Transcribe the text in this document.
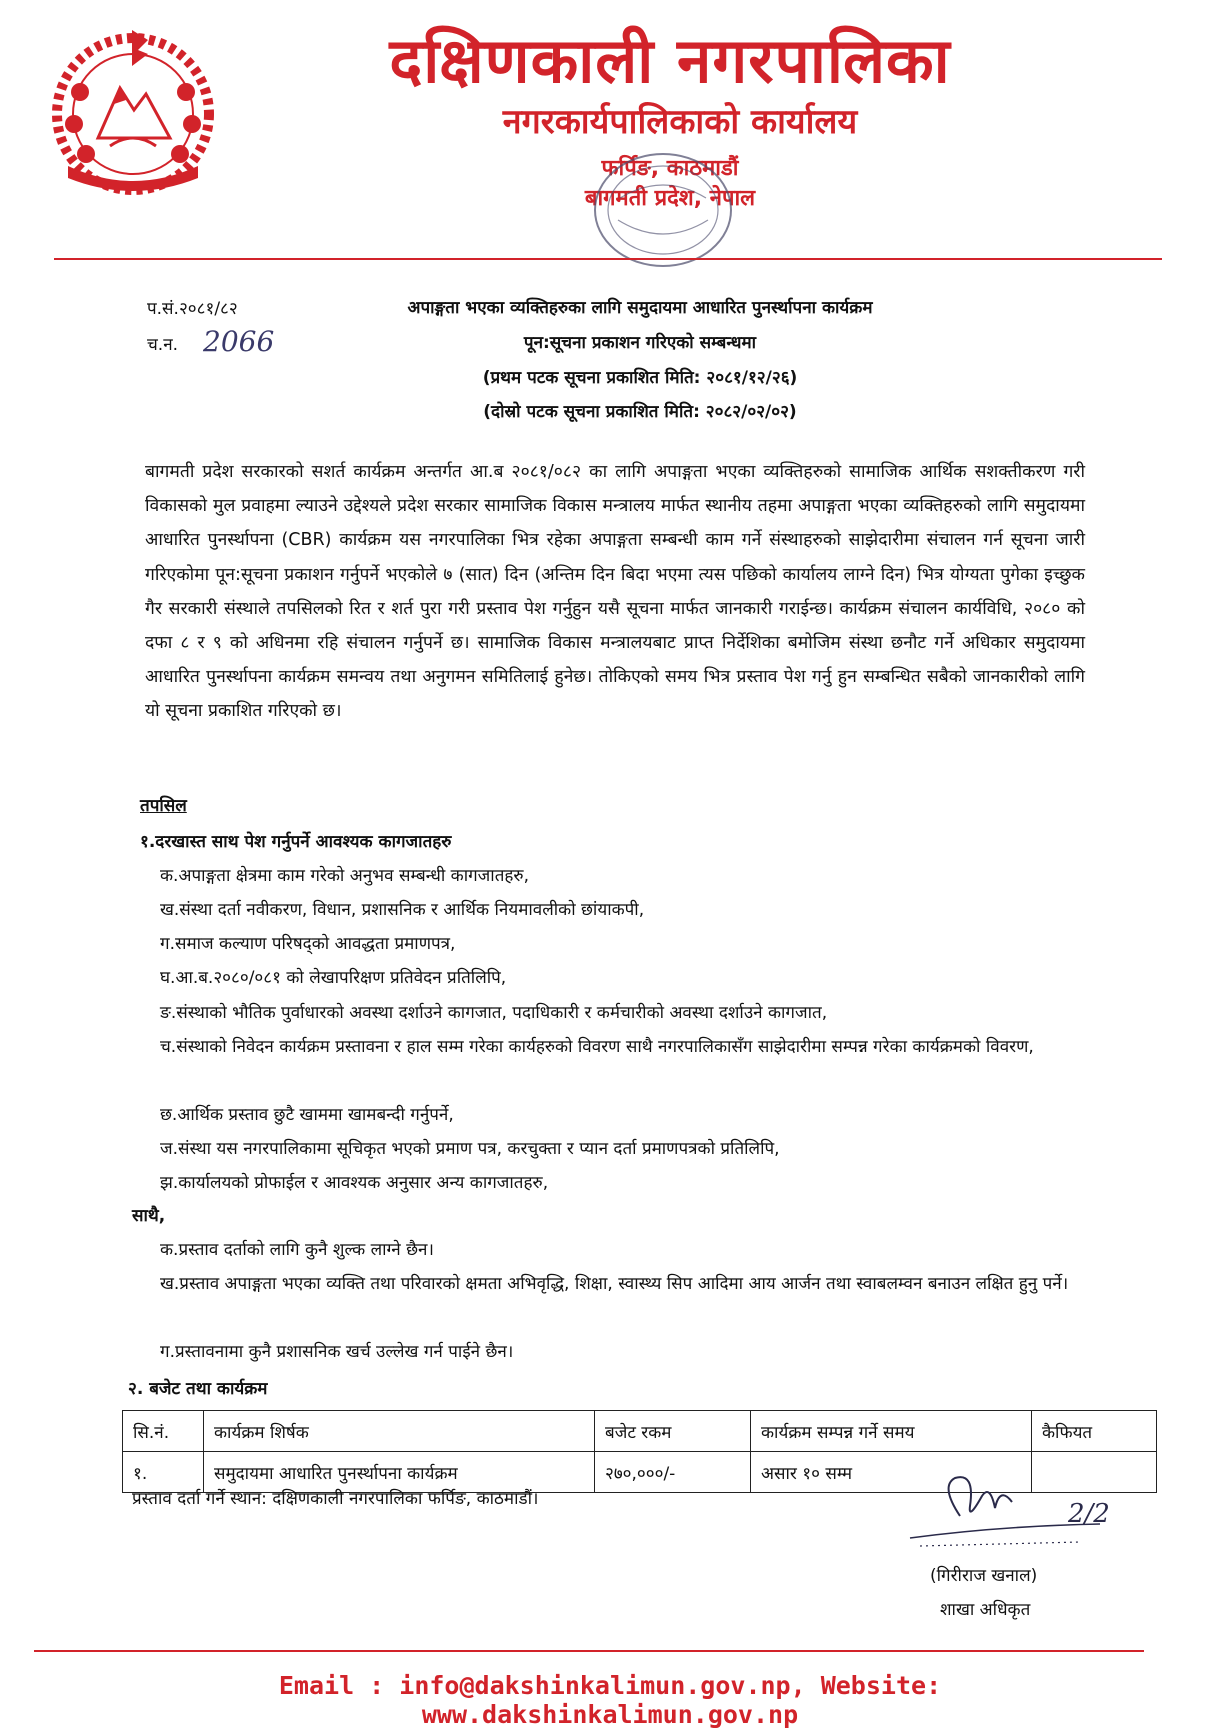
दक्षिणकाली नगरपालिका
नगरकार्यपालिकाको कार्यालय
फर्पिङ, काठमाडौं
बागमती प्रदेश, नेपाल
प.सं.२०८१/८२
च.न. 2066
अपाङ्गता भएका व्यक्तिहरुका लागि समुदायमा आधारित पुनर्स्थापना कार्यक्रम
पून:सूचना प्रकाशन गरिएको सम्बन्धमा
(प्रथम पटक सूचना प्रकाशित मिति: २०८१/१२/२६)
(दोस्रो पटक सूचना प्रकाशित मिति: २०८२/०२/०२)
बागमती प्रदेश सरकारको सशर्त कार्यक्रम अन्तर्गत आ.ब २०८१/०८२ का लागि अपाङ्गता भएका व्यक्तिहरुको सामाजिक आर्थिक सशक्तीकरण गरी विकासको मुल प्रवाहमा ल्याउने उद्देश्यले प्रदेश सरकार सामाजिक विकास मन्त्रालय मार्फत स्थानीय तहमा अपाङ्गता भएका व्यक्तिहरुको लागि समुदायमा आधारित पुनर्स्थापना (CBR) कार्यक्रम यस नगरपालिका भित्र रहेका अपाङ्गता सम्बन्धी काम गर्ने संस्थाहरुको साझेदारीमा संचालन गर्न सूचना जारी गरिएकोमा पून:सूचना प्रकाशन गर्नुपर्ने भएकोले ७ (सात) दिन (अन्तिम दिन बिदा भएमा त्यस पछिको कार्यालय लाग्ने दिन) भित्र योग्यता पुगेका इच्छुक गैर सरकारी संस्थाले तपसिलको रित र शर्त पुरा गरी प्रस्ताव पेश गर्नुहुन यसै सूचना मार्फत जानकारी गराईन्छ। कार्यक्रम संचालन कार्यविधि, २०८० को दफा ८ र ९ को अधिनमा रहि संचालन गर्नुपर्ने छ। सामाजिक विकास मन्त्रालयबाट प्राप्त निर्देशिका बमोजिम संस्था छनौट गर्ने अधिकार समुदायमा आधारित पुनर्स्थापना कार्यक्रम समन्वय तथा अनुगमन समितिलाई हुनेछ। तोकिएको समय भित्र प्रस्ताव पेश गर्नु हुन सम्बन्धित सबैको जानकारीको लागि यो सूचना प्रकाशित गरिएको छ।
तपसिल
१.दरखास्त साथ पेश गर्नुपर्ने आवश्यक कागजातहरु
क.अपाङ्गता क्षेत्रमा काम गरेको अनुभव सम्बन्धी कागजातहरु,
ख.संस्था दर्ता नवीकरण, विधान, प्रशासनिक र आर्थिक नियमावलीको छांयाकपी,
ग.समाज कल्याण परिषद्को आवद्धता प्रमाणपत्र,
घ.आ.ब.२०८०/०८१ को लेखापरिक्षण प्रतिवेदन प्रतिलिपि,
ङ.संस्थाको भौतिक पुर्वाधारको अवस्था दर्शाउने कागजात, पदाधिकारी र कर्मचारीको अवस्था दर्शाउने कागजात,
च.संस्थाको निवेदन कार्यक्रम प्रस्तावना र हाल सम्म गरेका कार्यहरुको विवरण साथै नगरपालिकासँग साझेदारीमा सम्पन्न गरेका कार्यक्रमको विवरण,
छ.आर्थिक प्रस्ताव छुटै खाममा खामबन्दी गर्नुपर्ने,
ज.संस्था यस नगरपालिकामा सूचिकृत भएको प्रमाण पत्र, करचुक्ता र प्यान दर्ता प्रमाणपत्रको प्रतिलिपि,
झ.कार्यालयको प्रोफाईल र आवश्यक अनुसार अन्य कागजातहरु,
साथै,
क.प्रस्ताव दर्ताको लागि कुनै शुल्क लाग्ने छैन।
ख.प्रस्ताव अपाङ्गता भएका व्यक्ति तथा परिवारको क्षमता अभिवृद्धि, शिक्षा, स्वास्थ्य सिप आदिमा आय आर्जन तथा स्वाबलम्वन बनाउन लक्षित हुनु पर्ने।
ग.प्रस्तावनामा कुनै प्रशासनिक खर्च उल्लेख गर्न पाईने छैन।
२. बजेट तथा कार्यक्रम
सि.नं.	कार्यक्रम शिर्षक	बजेट रकम	कार्यक्रम सम्पन्न गर्ने समय	कैफियत
१.	समुदायमा आधारित पुनर्स्थापना कार्यक्रम	२७०,०००/-	असार १० सम्म	
प्रस्ताव दर्ता गर्ने स्थान: दक्षिणकाली नगरपालिका फर्पिङ, काठमाडौं।	2/2
(गिरीराज खनाल)
शाखा अधिकृत
Email : info@dakshinkalimun.gov.np, Website: www.dakshinkalimun.gov.np
